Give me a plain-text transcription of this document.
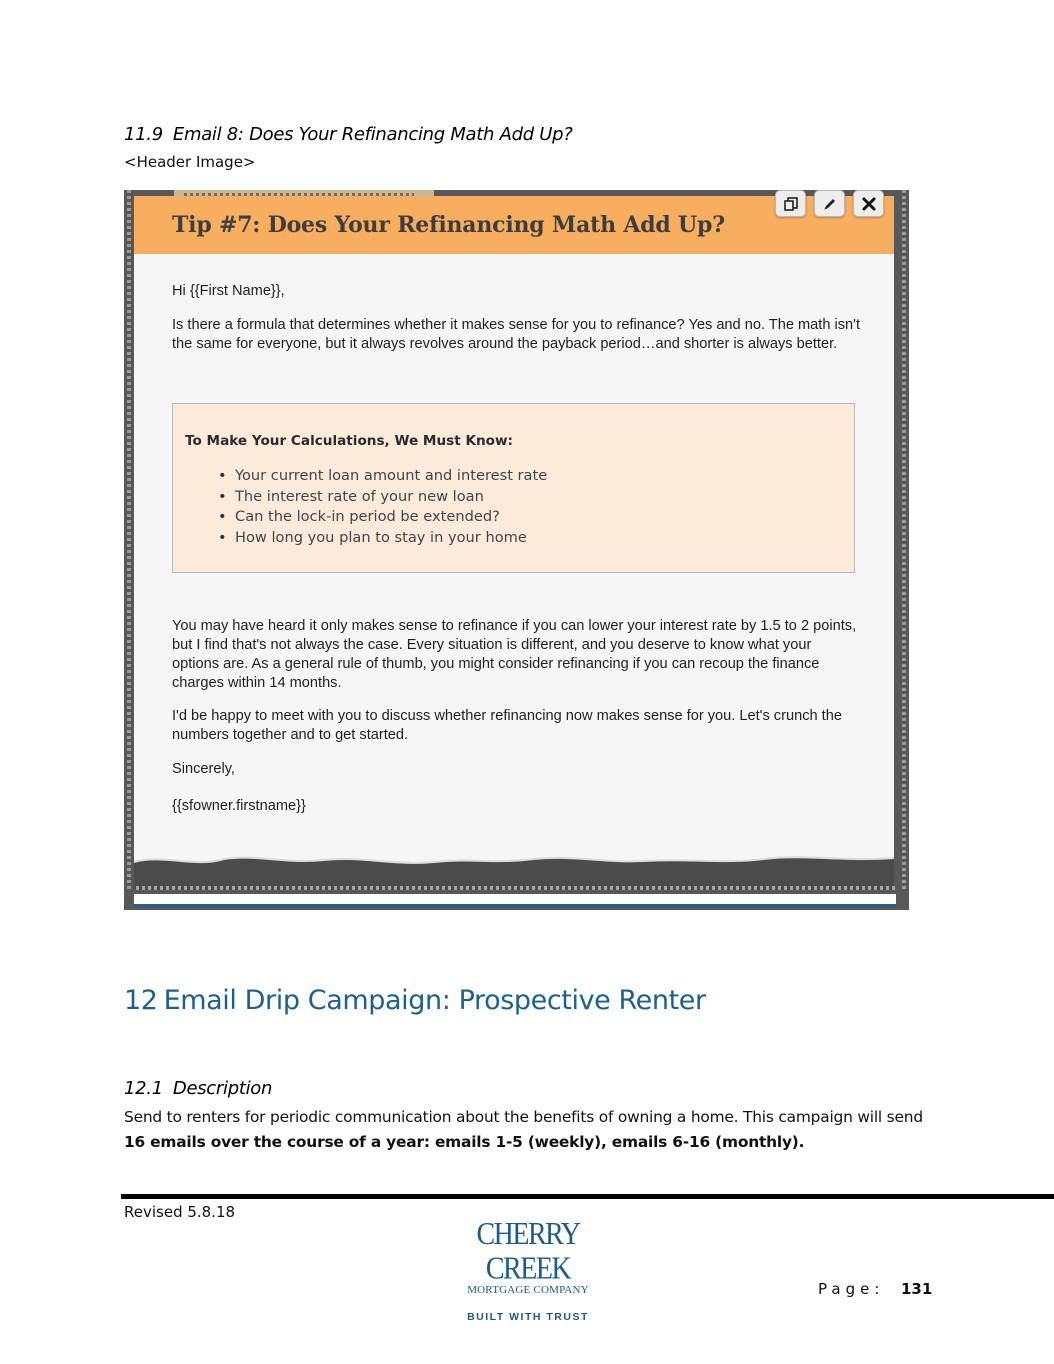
11.9 Email 8: Does Your Refinancing Math Add Up?
<Header Image>
Tip #7: Does Your Refinancing Math Add Up?

Hi {{First Name}},

Is there a formula that determines whether it makes sense for you to refinance? Yes and no. The math isn't the same for everyone, but it always revolves around the payback period…and shorter is always better.

To Make Your Calculations, We Must Know:
• Your current loan amount and interest rate
• The interest rate of your new loan
• Can the lock-in period be extended?
• How long you plan to stay in your home

You may have heard it only makes sense to refinance if you can lower your interest rate by 1.5 to 2 points, but I find that's not always the case. Every situation is different, and you deserve to know what your options are. As a general rule of thumb, you might consider refinancing if you can recoup the finance charges within 14 months.

I'd be happy to meet with you to discuss whether refinancing now makes sense for you. Let's crunch the numbers together and to get started.

Sincerely,

{{sfowner.firstname}}

12 Email Drip Campaign: Prospective Renter
12.1 Description
Send to renters for periodic communication about the benefits of owning a home. This campaign will send 16 emails over the course of a year: emails 1-5 (weekly), emails 6-16 (monthly).
Revised 5.8.18
CHERRY CREEK
MORTGAGE COMPANY
BUILT WITH TRUST
Page: 131
